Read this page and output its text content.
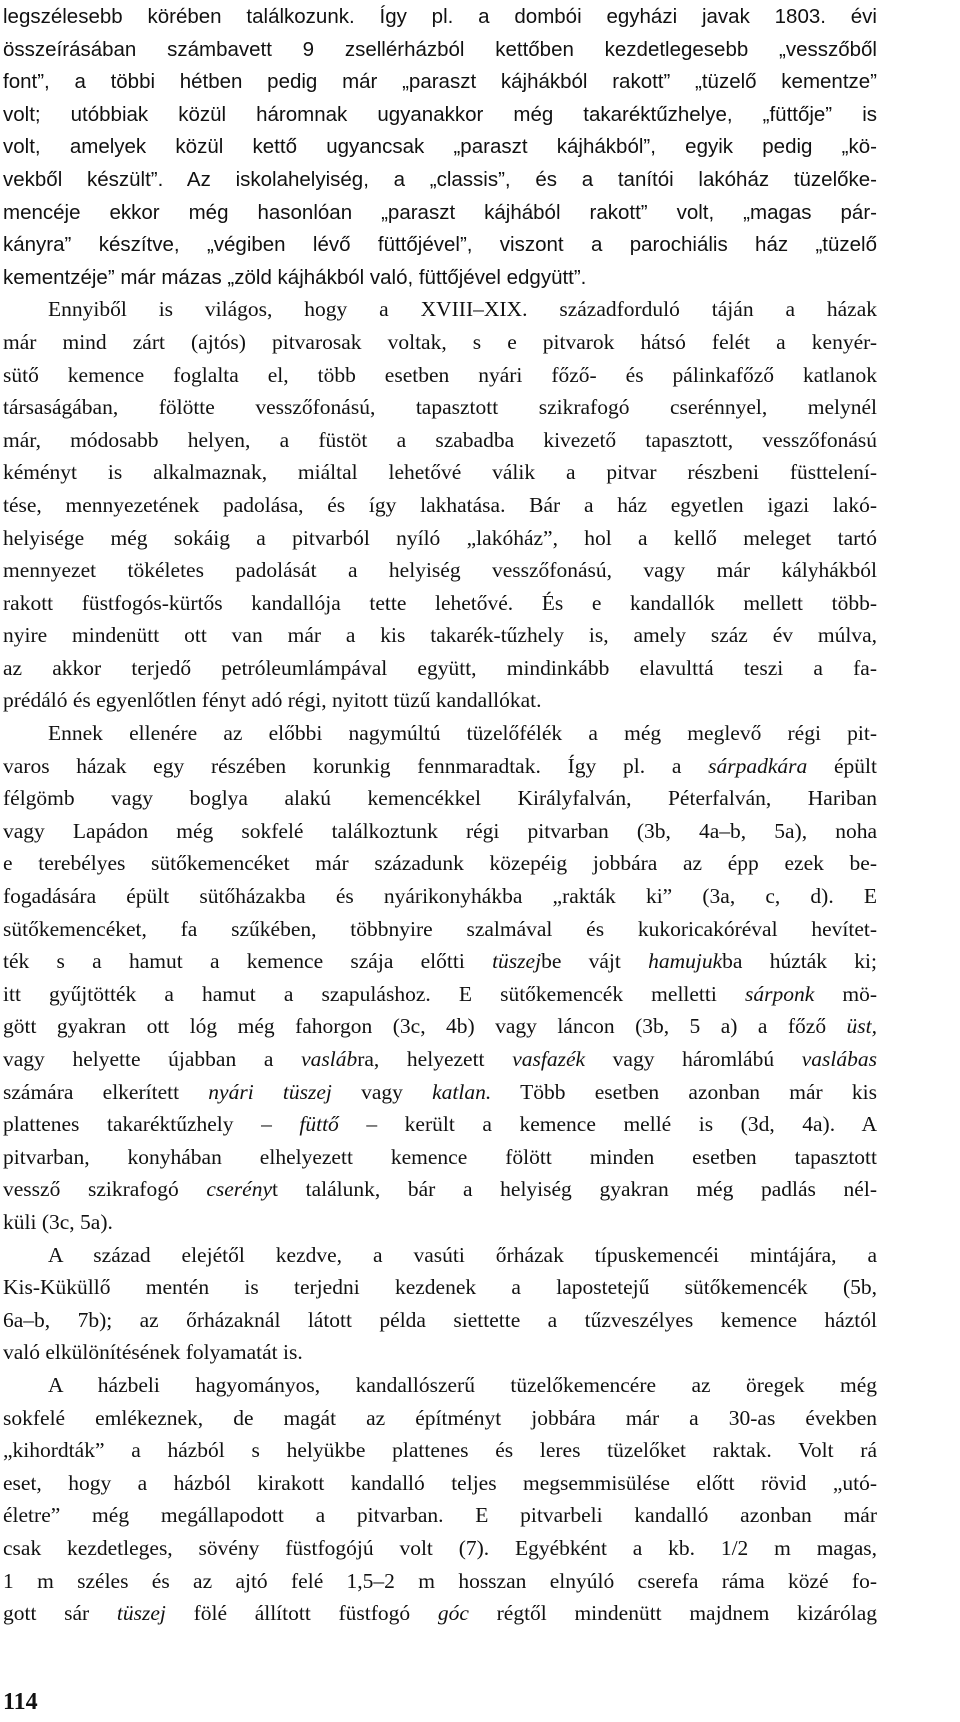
legszélesebb körében találkozunk. Így pl. a dombói egyházi javak 1803. évi
összeírásában számbavett 9 zsellérházból kettőben kezdetlegesebb „vesszőből
font”, a többi hétben pedig már „paraszt kájhákból rakott” „tüzelő kementze”
volt; utóbbiak közül háromnak ugyanakkor még takaréktűzhelye, „füttője” is
volt, amelyek közül kettő ugyancsak „paraszt kájhákból”, egyik pedig „kö-
vekből készült”. Az iskolahelyiség, a „classis”, és a tanítói lakóház tüzelőke-
mencéje ekkor még hasonlóan „paraszt kájhából rakott” volt, „magas pár-
kányra” készítve, „végiben lévő füttőjével”, viszont a parochiális ház „tüzelő
kementzéje” már mázas „zöld kájhákból való, füttőjével edgyütt”.
Ennyiből is világos, hogy a XVIII–XIX. századforduló táján a házak
már mind zárt (ajtós) pitvarosak voltak, s e pitvarok hátsó felét a kenyér-
sütő kemence foglalta el, több esetben nyári főző- és pálinkafőző katlanok
társaságában, fölötte vesszőfonású, tapasztott szikrafogó cserénnyel, melynél
már, módosabb helyen, a füstöt a szabadba kivezető tapasztott, vesszőfonású
kéményt is alkalmaznak, miáltal lehetővé válik a pitvar részbeni füsttelení-
tése, mennyezetének padolása, és így lakhatása. Bár a ház egyetlen igazi lakó-
helyisége még sokáig a pitvarból nyíló „lakóház”, hol a kellő meleget tartó
mennyezet tökéletes padolását a helyiség vesszőfonású, vagy már kályhákból
rakott füstfogós-kürtős kandallója tette lehetővé. És e kandallók mellett több-
nyire mindenütt ott van már a kis takarék-tűzhely is, amely száz év múlva,
az akkor terjedő petróleumlámpával együtt, mindinkább elavulttá teszi a fa-
prédáló és egyenlőtlen fényt adó régi, nyitott tüzű kandallókat.
Ennek ellenére az előbbi nagymúltú tüzelőfélék a még meglevő régi pit-
varos házak egy részében korunkig fennmaradtak. Így pl. a sárpadkára épült
félgömb vagy boglya alakú kemencékkel Királyfalván, Péterfalván, Hariban
vagy Lapádon még sokfelé találkoztunk régi pitvarban (3b, 4a–b, 5a), noha
e terebélyes sütőkemencéket már századunk közepéig jobbára az épp ezek be-
fogadására épült sütőházakba és nyárikonyhákba „rakták ki” (3a, c, d). E
sütőkemencéket, fa szűkében, többnyire szalmával és kukoricakóréval hevítet-
ték s a hamut a kemence szája előtti tüszejbe vájt hamujukba húzták ki;
itt gyűjtötték a hamut a szapuláshoz. E sütőkemencék melletti sárponk mö-
gött gyakran ott lóg még fahorgon (3c, 4b) vagy láncon (3b, 5 a) a főző üst,
vagy helyette újabban a vaslábra, helyezett vasfazék vagy háromlábú vaslábas
számára elkerített nyári tüszej vagy katlan. Több esetben azonban már kis
plattenes takaréktűzhely – füttő – került a kemence mellé is (3d, 4a). A
pitvarban, konyhában elhelyezett kemence fölött minden esetben tapasztott
vessző szikrafogó cserényt találunk, bár a helyiség gyakran még padlás nél-
küli (3c, 5a).
A század elejétől kezdve, a vasúti őrházak típuskemencéi mintájára, a
Kis-Küküllő mentén is terjedni kezdenek a lapostetejű sütőkemencék (5b,
6a–b, 7b); az őrházaknál látott példa siettette a tűzveszélyes kemence háztól
való elkülönítésének folyamatát is.
A házbeli hagyományos, kandallószerű tüzelőkemencére az öregek még
sokfelé emlékeznek, de magát az építményt jobbára már a 30-as években
„kihordták” a házból s helyükbe plattenes és leres tüzelőket raktak. Volt rá
eset, hogy a házból kirakott kandalló teljes megsemmisülése előtt rövid „utó-
életre” még megállapodott a pitvarban. E pitvarbeli kandalló azonban már
csak kezdetleges, sövény füstfogójú volt (7). Egyébként a kb. 1/2 m magas,
1 m széles és az ajtó felé 1,5–2 m hosszan elnyúló cserefa ráma közé fo-
gott sár tüszej fölé állított füstfogó góc régtől mindenütt majdnem kizárólag
114
